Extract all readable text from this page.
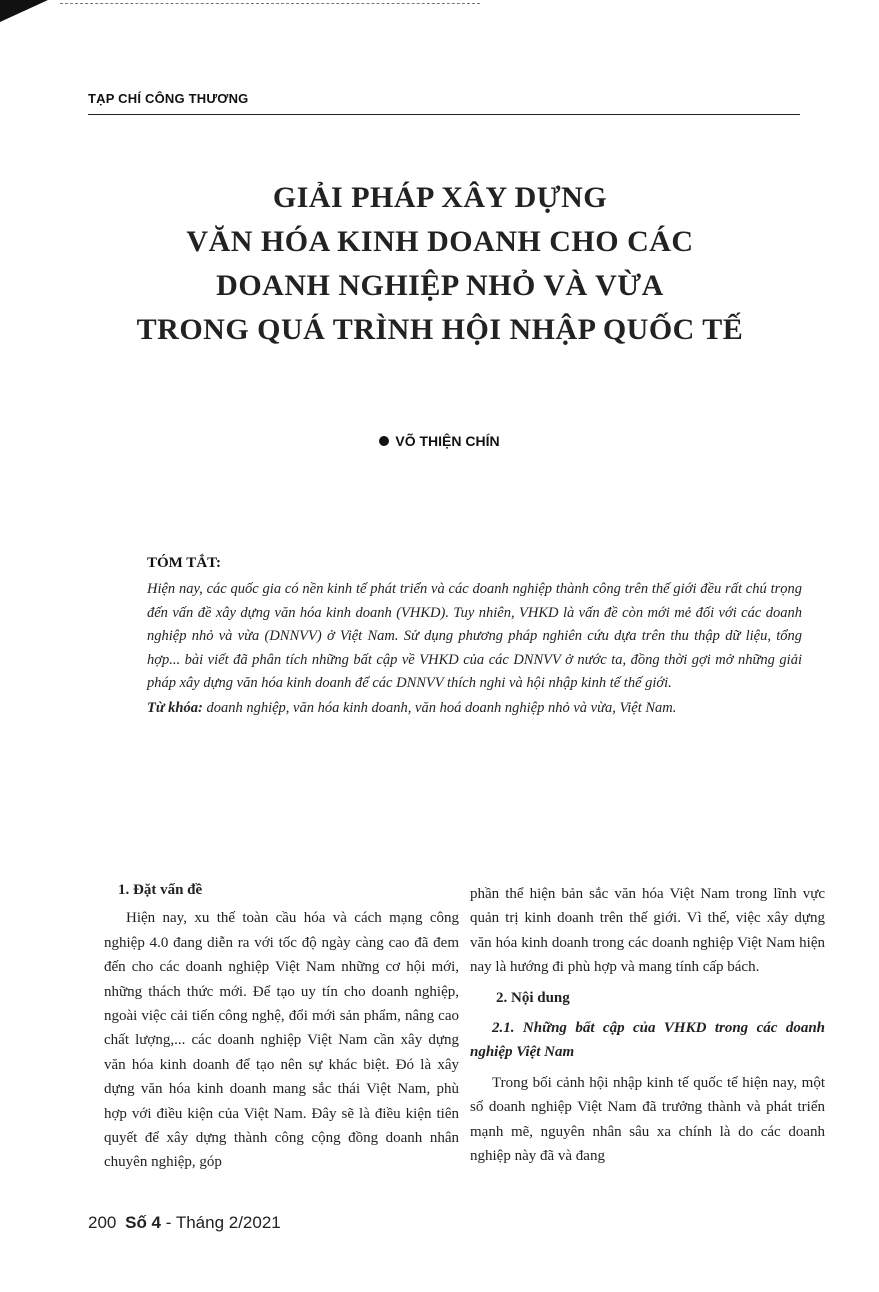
TẠP CHÍ CÔNG THƯƠNG
GIẢI PHÁP XÂY DỰNG
VĂN HÓA KINH DOANH CHO CÁC
DOANH NGHIỆP NHỎ VÀ VỪA
TRONG QUÁ TRÌNH HỘI NHẬP QUỐC TẾ
VÕ THIỆN CHÍN
TÓM TẮT:

Hiện nay, các quốc gia có nền kinh tế phát triển và các doanh nghiệp thành công trên thế giới đều rất chú trọng đến vấn đề xây dựng văn hóa kinh doanh (VHKD). Tuy nhiên, VHKD là vấn đề còn mới mẻ đối với các doanh nghiệp nhỏ và vừa (DNNVV) ở Việt Nam. Sử dụng phương pháp nghiên cứu dựa trên thu thập dữ liệu, tổng hợp... bài viết đã phân tích những bất cập về VHKD của các DNNVV ở nước ta, đồng thời gợi mở những giải pháp xây dựng văn hóa kinh doanh để các DNNVV thích nghi và hội nhập kinh tế thế giới.

Từ khóa: doanh nghiệp, văn hóa kinh doanh, văn hoá doanh nghiệp nhỏ và vừa, Việt Nam.

1. Đặt vấn đề

Hiện nay, xu thế toàn cầu hóa và cách mạng công nghiệp 4.0 đang diễn ra với tốc độ ngày càng cao đã đem đến cho các doanh nghiệp Việt Nam những cơ hội mới, những thách thức mới. Để tạo uy tín cho doanh nghiệp, ngoài việc cải tiến công nghệ, đổi mới sản phẩm, nâng cao chất lượng,... các doanh nghiệp Việt Nam cần xây dựng văn hóa kinh doanh để tạo nên sự khác biệt. Đó là xây dựng văn hóa kinh doanh mang sắc thái Việt Nam, phù hợp với điều kiện của Việt Nam. Đây sẽ là điều kiện tiên quyết để xây dựng thành công cộng đồng doanh nhân chuyên nghiệp, góp

phần thể hiện bản sắc văn hóa Việt Nam trong lĩnh vực quản trị kinh doanh trên thế giới. Vì thế, việc xây dựng văn hóa kinh doanh trong các doanh nghiệp Việt Nam hiện nay là hướng đi phù hợp và mang tính cấp bách.

2. Nội dung

2.1. Những bất cập của VHKD trong các doanh nghiệp Việt Nam

Trong bối cảnh hội nhập kinh tế quốc tế hiện nay, một số doanh nghiệp Việt Nam đã trưởng thành và phát triển mạnh mẽ, nguyên nhân sâu xa chính là do các doanh nghiệp này đã và đang

200 Số 4 - Tháng 2/2021
